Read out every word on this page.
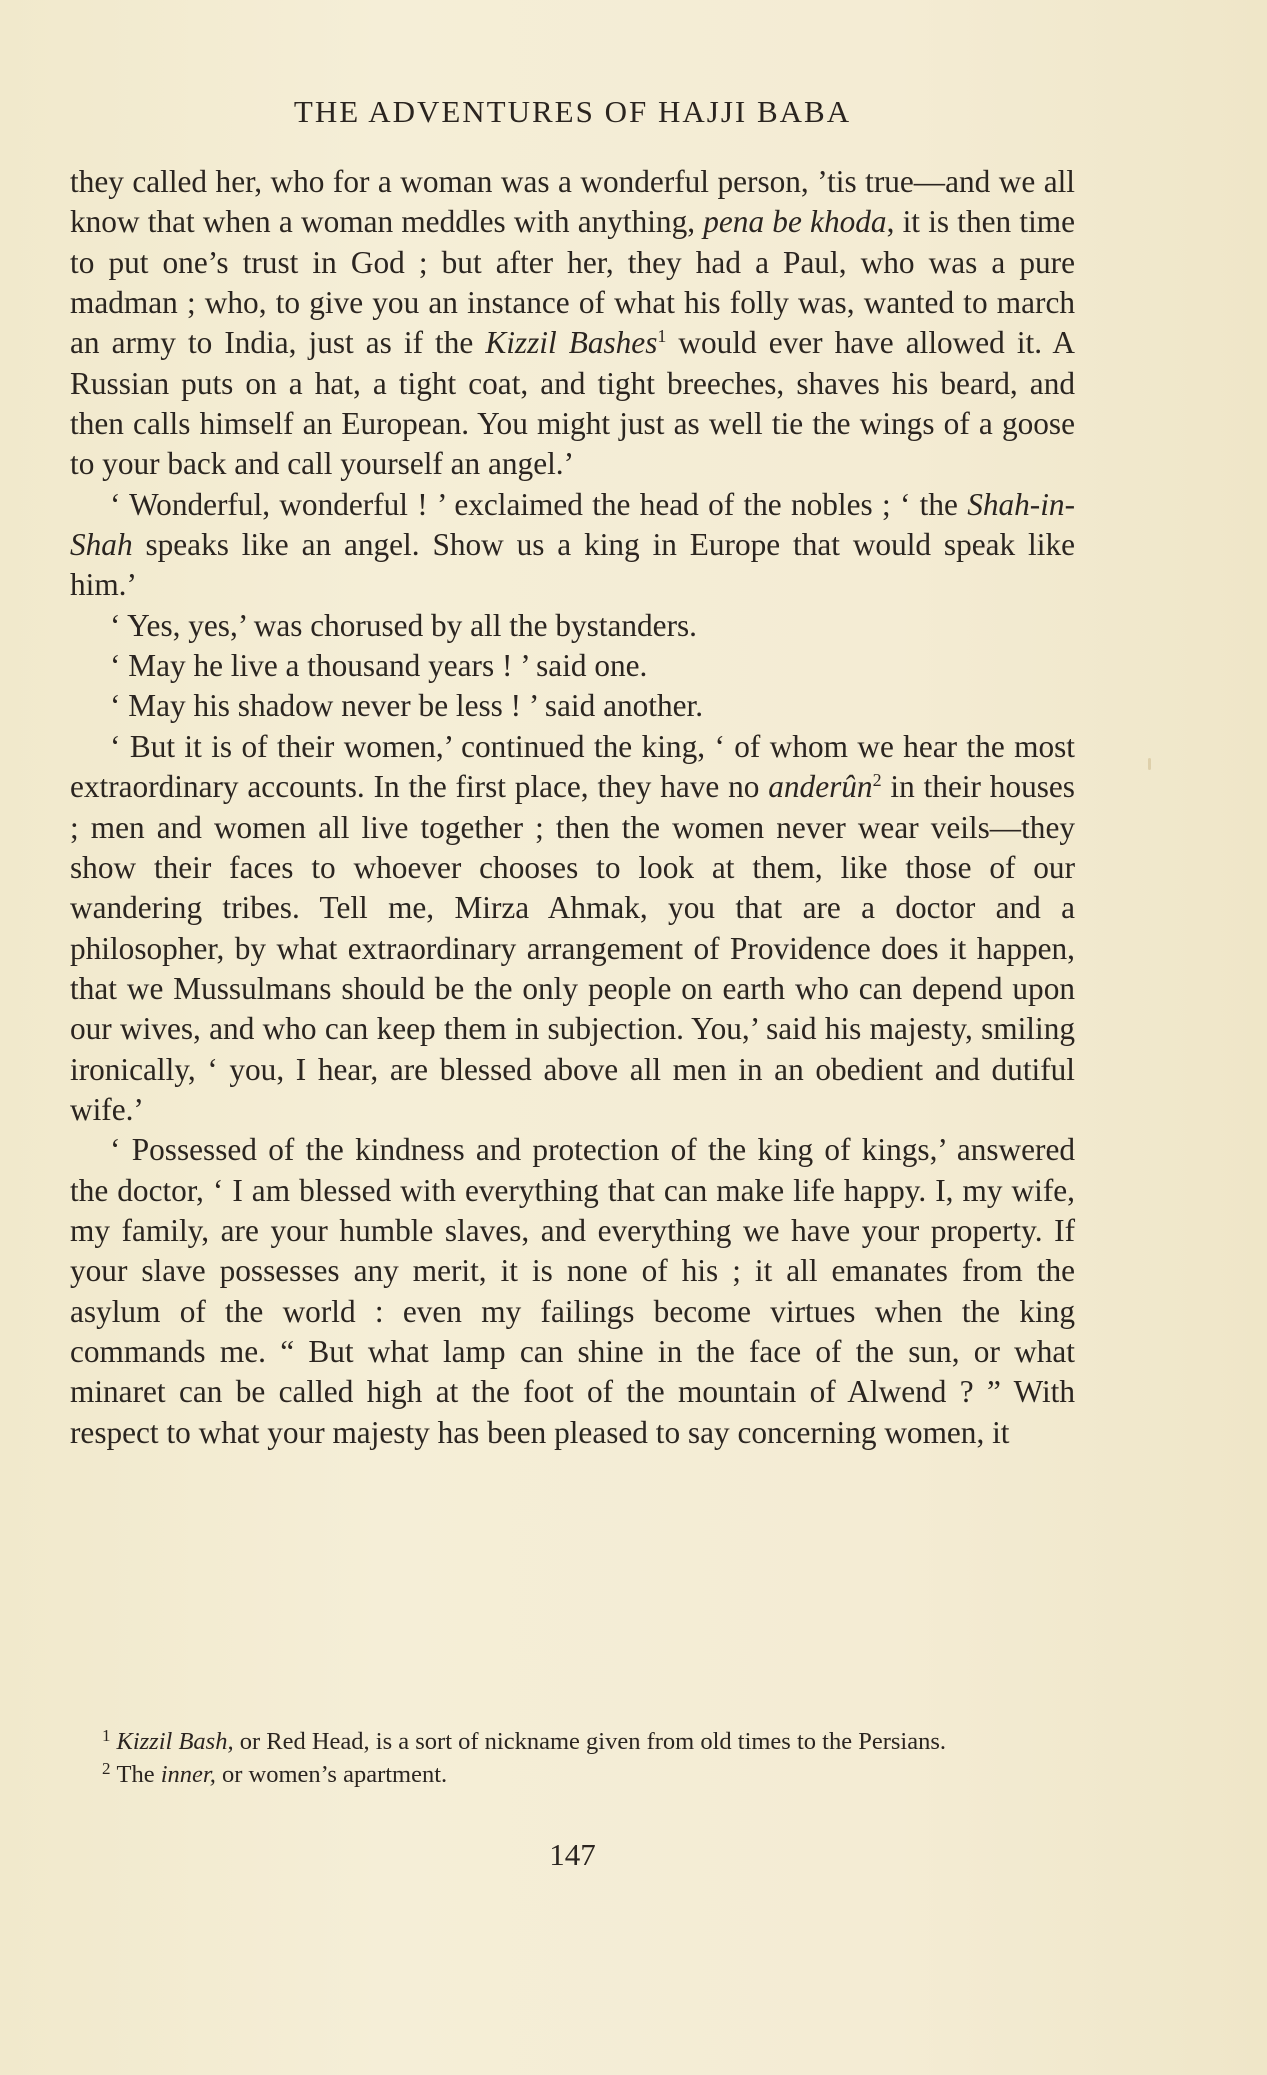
THE ADVENTURES OF HAJJI BABA

they called her, who for a woman was a wonderful person, ’tis true—and we all know that when a woman meddles with anything, pena be khoda, it is then time to put one’s trust in God ; but after her, they had a Paul, who was a pure madman ; who, to give you an instance of what his folly was, wanted to march an army to India, just as if the Kizzil Bashes$^1$ would ever have allowed it. A Russian puts on a hat, a tight coat, and tight breeches, shaves his beard, and then calls himself an European. You might just as well tie the wings of a goose to your back and call yourself an angel.’

‘ Wonderful, wonderful ! ’ exclaimed the head of the nobles ; ‘ the Shah-in-Shah speaks like an angel. Show us a king in Europe that would speak like him.’

‘ Yes, yes,’ was chorused by all the bystanders.

‘ May he live a thousand years ! ’ said one.

‘ May his shadow never be less ! ’ said another.

‘ But it is of their women,’ continued the king, ‘ of whom we hear the most extraordinary accounts. In the first place, they have no anderûn$^2$ in their houses ; men and women all live together ; then the women never wear veils—they show their faces to whoever chooses to look at them, like those of our wandering tribes. Tell me, Mirza Ahmak, you that are a doctor and a philosopher, by what extraordinary arrangement of Providence does it happen, that we Mussulmans should be the only people on earth who can depend upon our wives, and who can keep them in subjection. You,’ said his majesty, smiling ironically, ‘ you, I hear, are blessed above all men in an obedient and dutiful wife.’

‘ Possessed of the kindness and protection of the king of kings,’ answered the doctor, ‘ I am blessed with everything that can make life happy. I, my wife, my family, are your humble slaves, and everything we have your property. If your slave possesses any merit, it is none of his ; it all emanates from the asylum of the world : even my failings become virtues when the king commands me. “ But what lamp can shine in the face of the sun, or what minaret can be called high at the foot of the mountain of Alwend ? ” With respect to what your majesty has been pleased to say concerning women, it

$^1$ Kizzil Bash, or Red Head, is a sort of nickname given from old times to the Persians.

$^2$ The inner, or women’s apartment.

147
